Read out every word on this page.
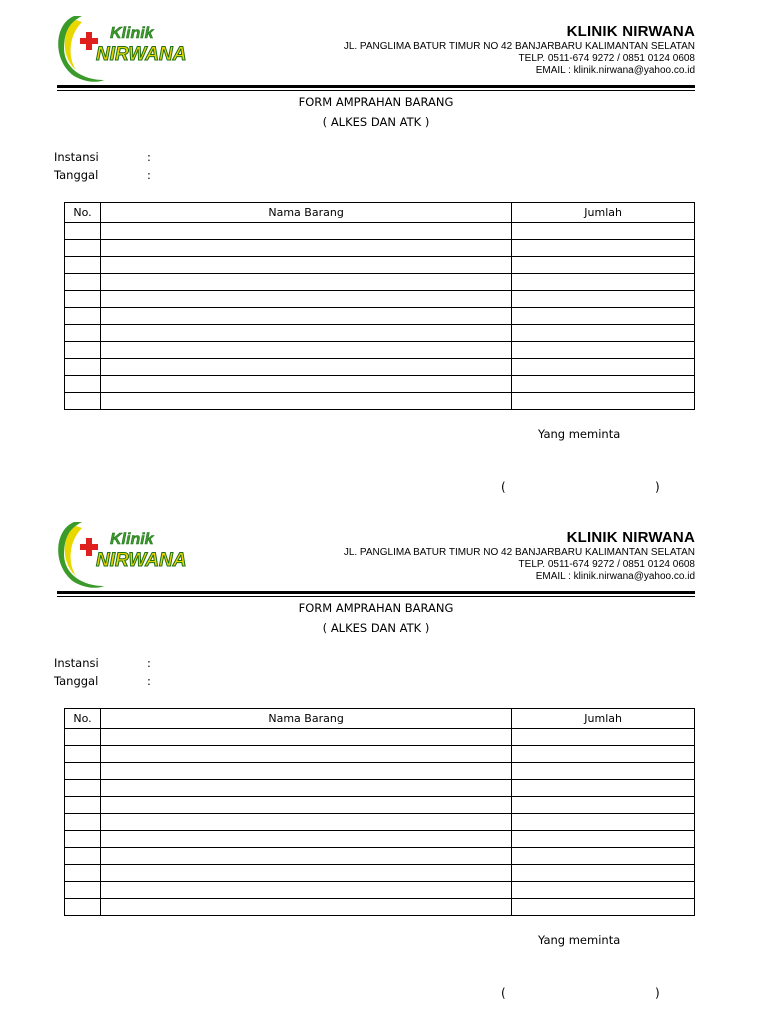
Klinik
NIRWANA
KLINIK NIRWANA
JL. PANGLIMA BATUR TIMUR NO 42 BANJARBARU KALIMANTAN SELATAN
TELP. 0511-674 9272 / 0851 0124 0608
EMAIL : klinik.nirwana@yahoo.co.id
FORM AMPRAHAN BARANG
( ALKES DAN ATK )
Instansi	:
Tanggal	:
No.	Nama Barang	Jumlah

Yang meminta
(	)
Klinik
NIRWANA
KLINIK NIRWANA
JL. PANGLIMA BATUR TIMUR NO 42 BANJARBARU KALIMANTAN SELATAN
TELP. 0511-674 9272 / 0851 0124 0608
EMAIL : klinik.nirwana@yahoo.co.id
FORM AMPRAHAN BARANG
( ALKES DAN ATK )
Instansi	:
Tanggal	:
No.	Nama Barang	Jumlah

Yang meminta
(	)
